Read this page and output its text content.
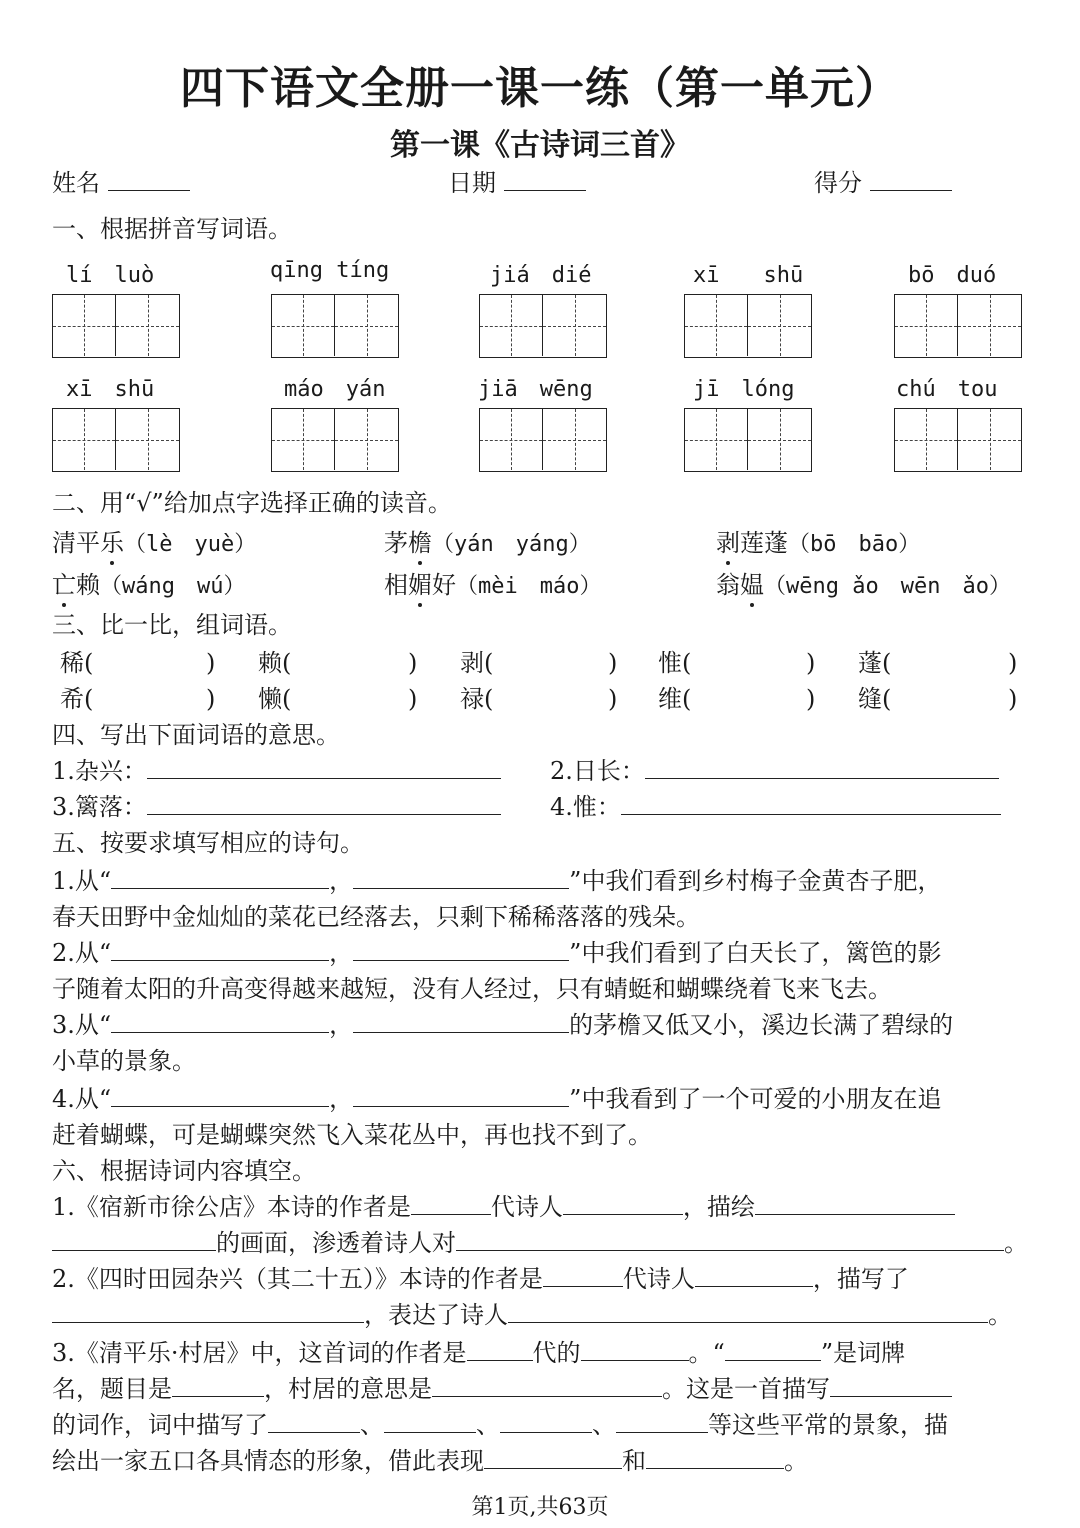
四下语文全册一课一练（第一单元）
第一课《古诗词三首》
姓名	日期	得分
一、根据拼音写词语。
lí　luò	qīng tíng	jiá　dié	xī　　shū	bō　duó
xī　shū	máo　yán	jiā　wēng	jī　lóng	chú　tou
二、用“√”给加点字选择正确的读音。
清平乐（lè　yuè）	茅檐（yán　yáng）	剥莲蓬（bō　bāo）
亡赖（wáng　wú）	相媚好（mèi　máo）	翁媪（wēng ǎo　wēn　ǎo）
三、比一比，组词语。
稀(	) 赖(	) 剥(	) 惟(	) 蓬(	)
希(	) 懒(	) 禄(	) 维(	) 缝(	)
四、写出下面词语的意思。
1.杂兴：	2.日长：
3.篱落：	4.惟：
五、按要求填写相应的诗句。
1.从“	，	”中我们看到乡村梅子金黄杏子肥，
春天田野中金灿灿的菜花已经落去，只剩下稀稀落落的残朵。
2.从“	，	”中我们看到了白天长了，篱笆的影
子随着太阳的升高变得越来越短，没有人经过，只有蜻蜓和蝴蝶绕着飞来飞去。
3.从“	，	的茅檐又低又小，溪边长满了碧绿的
小草的景象。
4.从“	，	”中我看到了一个可爱的小朋友在追
赶着蝴蝶，可是蝴蝶突然飞入菜花丛中，再也找不到了。
六、根据诗词内容填空。
1.《宿新市徐公店》本诗的作者是	代诗人	，描绘
的画面，渗透着诗人对	。
2.《四时田园杂兴（其二十五）》本诗的作者是	代诗人	，描写了
，表达了诗人	。
3.《清平乐·村居》中，这首词的作者是	代的	。“	”是词牌
名，题目是	，村居的意思是	。这是一首描写
的词作，词中描写了	、	、	、	等这些平常的景象，描
绘出一家五口各具情态的形象，借此表现	和	。
第1页,共63页
